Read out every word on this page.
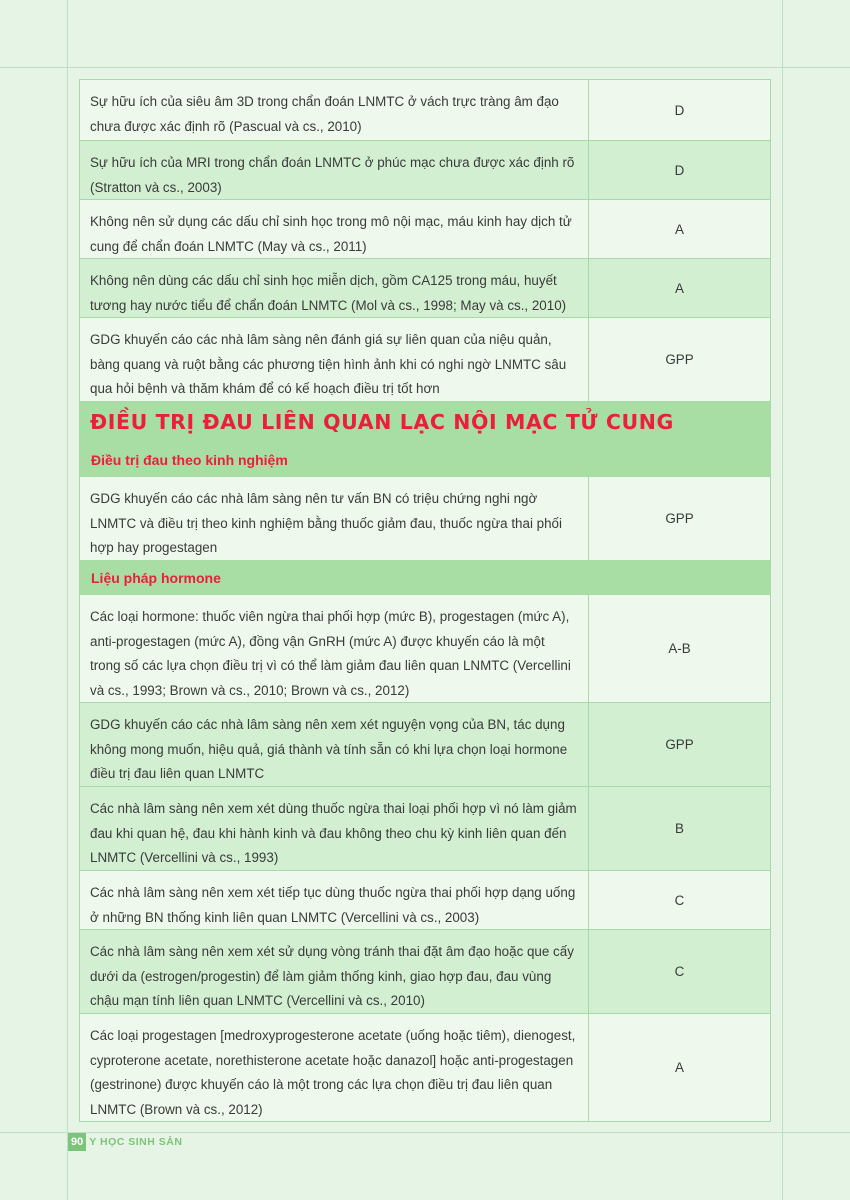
Sự hữu ích của siêu âm 3D trong chẩn đoán LNMTC ở vách trực tràng âm đạo chưa được xác định rõ (Pascual và cs., 2010)
D
Sự hữu ích của MRI trong chẩn đoán LNMTC ở phúc mạc chưa được xác định rõ (Stratton và cs., 2003)
D
Không nên sử dụng các dấu chỉ sinh học trong mô nội mạc, máu kinh hay dịch tử cung để chẩn đoán LNMTC (May và cs., 2011)
A
Không nên dùng các dấu chỉ sinh học miễn dịch, gồm CA125 trong máu, huyết tương hay nước tiểu để chẩn đoán LNMTC (Mol và cs., 1998; May và cs., 2010)
A
GDG khuyến cáo các nhà lâm sàng nên đánh giá sự liên quan của niệu quản, bàng quang và ruột bằng các phương tiện hình ảnh khi có nghi ngờ LNMTC sâu qua hỏi bệnh và thăm khám để có kế hoạch điều trị tốt hơn
GPP
ĐIỀU TRỊ ĐAU LIÊN QUAN LẠC NỘI MẠC TỬ CUNG
Điều trị đau theo kinh nghiệm
GDG khuyến cáo các nhà lâm sàng nên tư vấn BN có triệu chứng nghi ngờ LNMTC và điều trị theo kinh nghiệm bằng thuốc giảm đau, thuốc ngừa thai phối hợp hay progestagen
GPP
Liệu pháp hormone
Các loại hormone: thuốc viên ngừa thai phối hợp (mức B), progestagen (mức A), anti-progestagen (mức A), đồng vận GnRH (mức A) được khuyến cáo là một trong số các lựa chọn điều trị vì có thể làm giảm đau liên quan LNMTC (Vercellini và cs., 1993; Brown và cs., 2010; Brown và cs., 2012)
A-B
GDG khuyến cáo các nhà lâm sàng nên xem xét nguyện vọng của BN, tác dụng không mong muốn, hiệu quả, giá thành và tính sẵn có khi lựa chọn loại hormone điều trị đau liên quan LNMTC
GPP
Các nhà lâm sàng nên xem xét dùng thuốc ngừa thai loại phối hợp vì nó làm giảm đau khi quan hệ, đau khi hành kinh và đau không theo chu kỳ kinh liên quan đến LNMTC (Vercellini và cs., 1993)
B
Các nhà lâm sàng nên xem xét tiếp tục dùng thuốc ngừa thai phối hợp dạng uống ở những BN thống kinh liên quan LNMTC (Vercellini và cs., 2003)
C
Các nhà lâm sàng nên xem xét sử dụng vòng tránh thai đặt âm đạo hoặc que cấy dưới da (estrogen/progestin) để làm giảm thống kinh, giao hợp đau, đau vùng chậu mạn tính liên quan LNMTC (Vercellini và cs., 2010)
C
Các loại progestagen [medroxyprogesterone acetate (uống hoặc tiêm), dienogest, cyproterone acetate, norethisterone acetate hoặc danazol] hoặc anti-progestagen (gestrinone) được khuyến cáo là một trong các lựa chọn điều trị đau liên quan LNMTC (Brown và cs., 2012)
A
90 Y HỌC SINH SẢN
